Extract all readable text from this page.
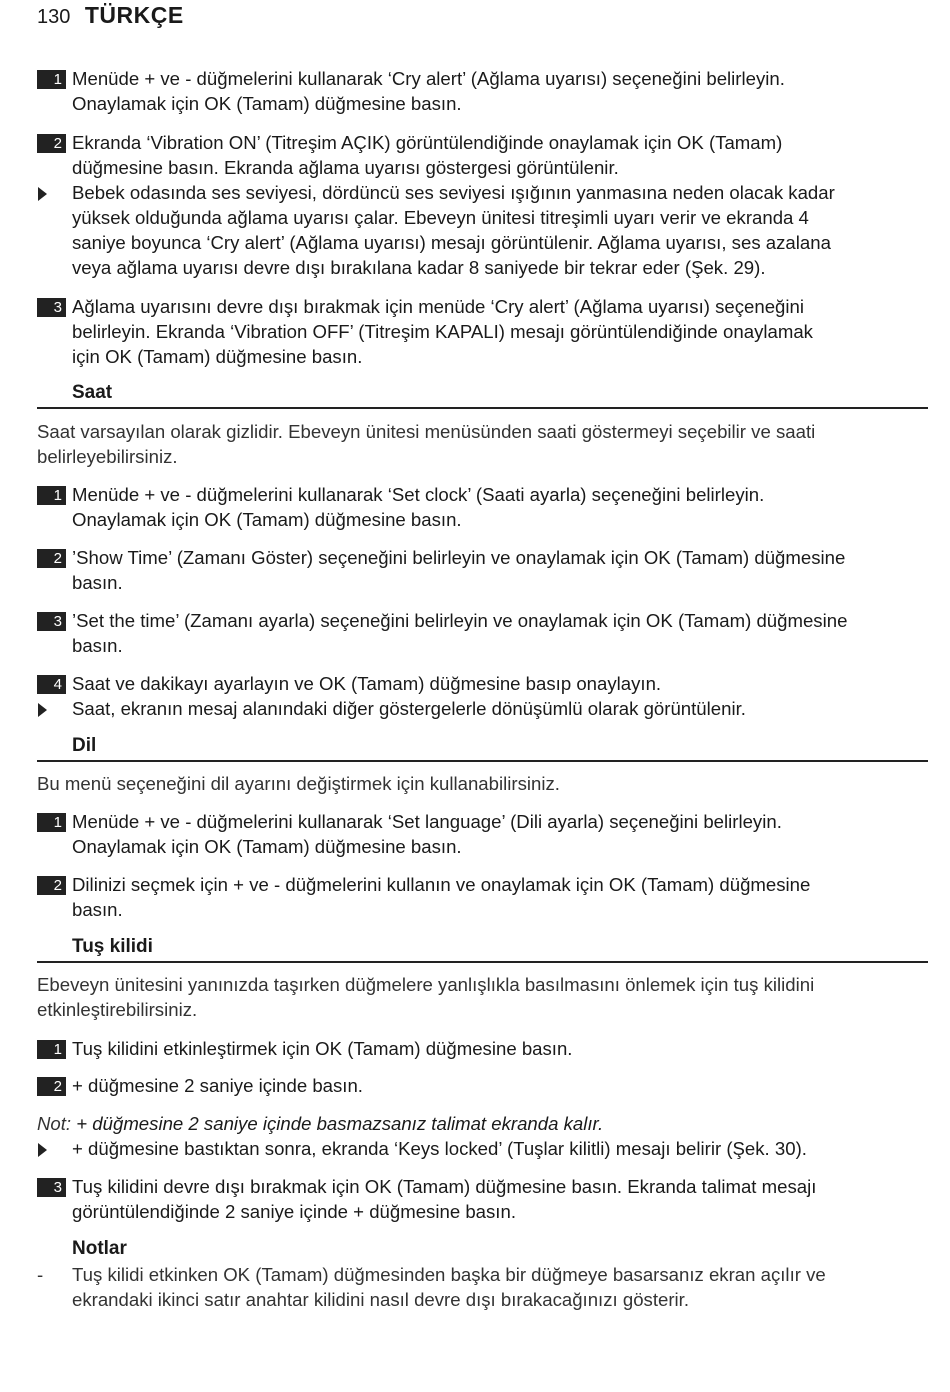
130 TÜRKÇE
1 Menüde + ve - düğmelerini kullanarak ‘Cry alert’ (Ağlama uyarısı) seçeneğini belirleyin.
Onaylamak için OK (Tamam) düğmesine basın.
2 Ekranda ‘Vibration ON’ (Titreşim AÇIK) görüntülendiğinde onaylamak için OK (Tamam)
düğmesine basın. Ekranda ağlama uyarısı göstergesi görüntülenir.
Bebek odasında ses seviyesi, dördüncü ses seviyesi ışığının yanmasına neden olacak kadar
yüksek olduğunda ağlama uyarısı çalar. Ebeveyn ünitesi titreşimli uyarı verir ve ekranda 4
saniye boyunca ‘Cry alert’ (Ağlama uyarısı) mesajı görüntülenir. Ağlama uyarısı, ses azalana
veya ağlama uyarısı devre dışı bırakılana kadar 8 saniyede bir tekrar eder (Şek. 29).
3 Ağlama uyarısını devre dışı bırakmak için menüde ‘Cry alert’ (Ağlama uyarısı) seçeneğini
belirleyin. Ekranda ‘Vibration OFF’ (Titreşim KAPALI) mesajı görüntülendiğinde onaylamak
için OK (Tamam) düğmesine basın.
Saat
Saat varsayılan olarak gizlidir. Ebeveyn ünitesi menüsünden saati göstermeyi seçebilir ve saati
belirleyebilirsiniz.
1 Menüde + ve - düğmelerini kullanarak ‘Set clock’ (Saati ayarla) seçeneğini belirleyin.
Onaylamak için OK (Tamam) düğmesine basın.
2 ’Show Time’ (Zamanı Göster) seçeneğini belirleyin ve onaylamak için OK (Tamam) düğmesine
basın.
3 ’Set the time’ (Zamanı ayarla) seçeneğini belirleyin ve onaylamak için OK (Tamam) düğmesine
basın.
4 Saat ve dakikayı ayarlayın ve OK (Tamam) düğmesine basıp onaylayın.
Saat, ekranın mesaj alanındaki diğer göstergelerle dönüşümlü olarak görüntülenir.
Dil
Bu menü seçeneğini dil ayarını değiştirmek için kullanabilirsiniz.
1 Menüde + ve - düğmelerini kullanarak ‘Set language’ (Dili ayarla) seçeneğini belirleyin.
Onaylamak için OK (Tamam) düğmesine basın.
2 Dilinizi seçmek için + ve - düğmelerini kullanın ve onaylamak için OK (Tamam) düğmesine
basın.
Tuş kilidi
Ebeveyn ünitesini yanınızda taşırken düğmelere yanlışlıkla basılmasını önlemek için tuş kilidini
etkinleştirebilirsiniz.
1 Tuş kilidini etkinleştirmek için OK (Tamam) düğmesine basın.
2 + düğmesine 2 saniye içinde basın.
Not: + düğmesine 2 saniye içinde basmazsanız talimat ekranda kalır.
+ düğmesine bastıktan sonra, ekranda ‘Keys locked’ (Tuşlar kilitli) mesajı belirir (Şek. 30).
3 Tuş kilidini devre dışı bırakmak için OK (Tamam) düğmesine basın. Ekranda talimat mesajı
görüntülendiğinde 2 saniye içinde + düğmesine basın.
Notlar
- Tuş kilidi etkinken OK (Tamam) düğmesinden başka bir düğmeye basarsanız ekran açılır ve
ekrandaki ikinci satır anahtar kilidini nasıl devre dışı bırakacağınızı gösterir.
